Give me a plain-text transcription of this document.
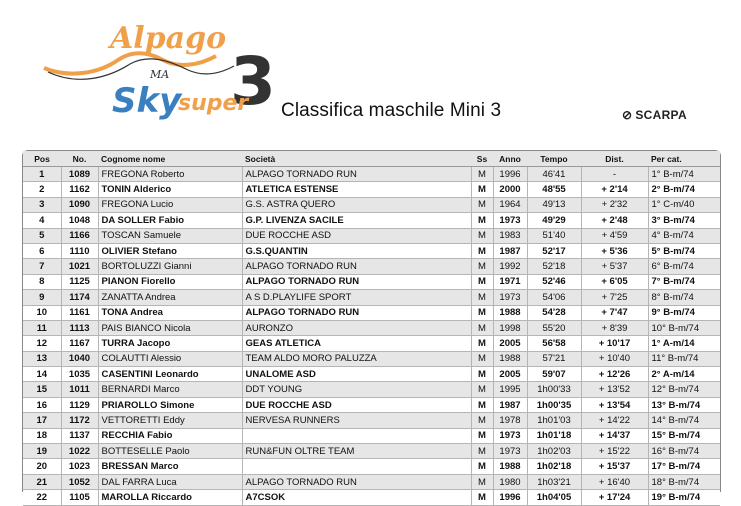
3
Alpago
MA
Sky
super Classifica maschile Mini 3	⊘ SCARPA
Pos	No.	Cognome nome	Società	Ss	Anno	Tempo	Dist.	Per cat.
1	1089	FREGONA Roberto	ALPAGO TORNADO RUN	M	1996	46'41	-	1° B-m/74
2	1162	TONIN Alderico	ATLETICA ESTENSE	M	2000	48'55	+ 2'14	2° B-m/74
3	1090	FREGONA Lucio	G.S. ASTRA QUERO	M	1964	49'13	+ 2'32	1° C-m/40
4	1048	DA SOLLER Fabio	G.P. LIVENZA SACILE	M	1973	49'29	+ 2'48	3° B-m/74
5	1166	TOSCAN Samuele	DUE ROCCHE ASD	M	1983	51'40	+ 4'59	4° B-m/74
6	1110	OLIVIER Stefano	G.S.QUANTIN	M	1987	52'17	+ 5'36	5° B-m/74
7	1021	BORTOLUZZI Gianni	ALPAGO TORNADO RUN	M	1992	52'18	+ 5'37	6° B-m/74
8	1125	PIANON Fiorello	ALPAGO TORNADO RUN	M	1971	52'46	+ 6'05	7° B-m/74
9	1174	ZANATTA Andrea	A S D.PLAYLIFE SPORT	M	1973	54'06	+ 7'25	8° B-m/74
10	1161	TONA Andrea	ALPAGO TORNADO RUN	M	1988	54'28	+ 7'47	9° B-m/74
11	1113	PAIS BIANCO Nicola	AURONZO	M	1998	55'20	+ 8'39	10° B-m/74
12	1167	TURRA Jacopo	GEAS ATLETICA	M	2005	56'58	+ 10'17	1° A-m/14
13	1040	COLAUTTI Alessio	TEAM ALDO MORO PALUZZA	M	1988	57'21	+ 10'40	11° B-m/74
14	1035	CASENTINI Leonardo	UNALOME ASD	M	2005	59'07	+ 12'26	2° A-m/14
15	1011	BERNARDI Marco	DDT YOUNG	M	1995	1h00'33	+ 13'52	12° B-m/74
16	1129	PRIAROLLO Simone	DUE ROCCHE ASD	M	1987	1h00'35	+ 13'54	13° B-m/74
17	1172	VETTORETTI Eddy	NERVESA RUNNERS	M	1978	1h01'03	+ 14'22	14° B-m/74
18	1137	RECCHIA Fabio		M	1973	1h01'18	+ 14'37	15° B-m/74
19	1022	BOTTESELLE Paolo	RUN&FUN OLTRE TEAM	M	1973	1h02'03	+ 15'22	16° B-m/74
20	1023	BRESSAN Marco		M	1988	1h02'18	+ 15'37	17° B-m/74
21	1052	DAL FARRA Luca	ALPAGO TORNADO RUN	M	1980	1h03'21	+ 16'40	18° B-m/74
22	1105	MAROLLA Riccardo	A7CSOK	M	1996	1h04'05	+ 17'24	19° B-m/74
